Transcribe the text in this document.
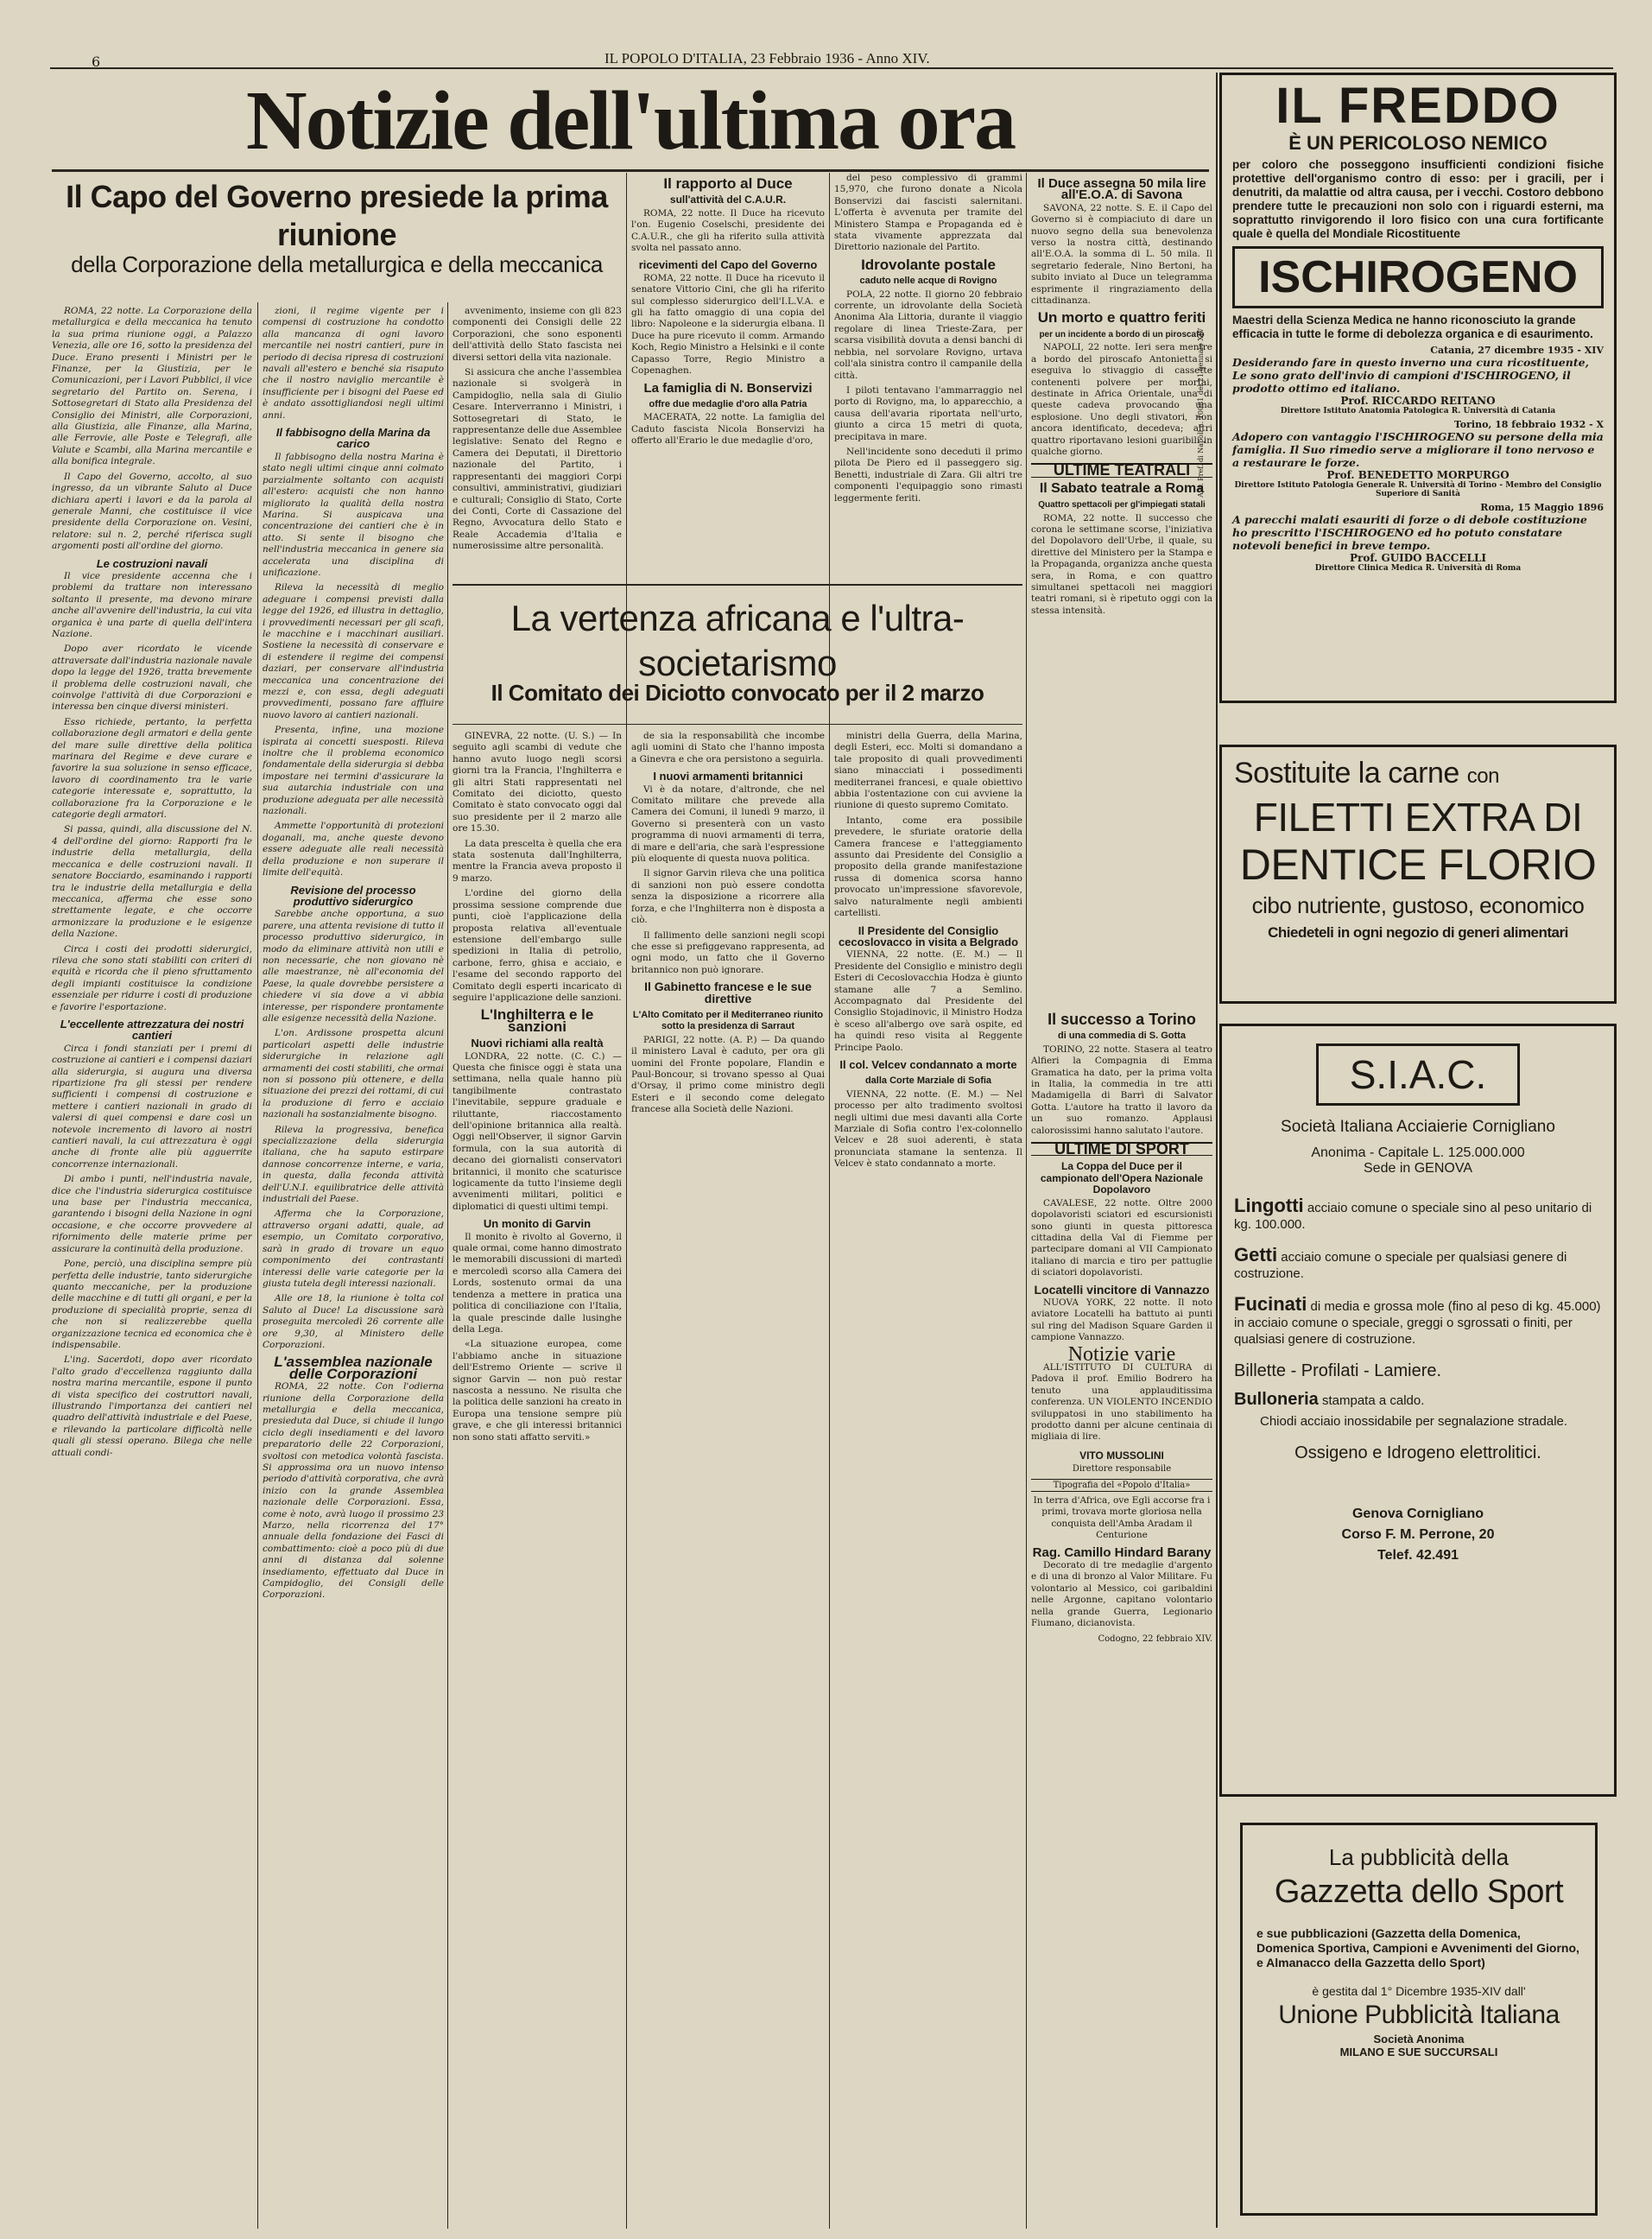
6	IL POPOLO D'ITALIA, 23 Febbraio 1936 - Anno XIV.
Notizie dell'ultima ora
Il Capo del Governo presiede la prima riunione
della Corporazione della metallurgica e della meccanica

ROMA, 22 notte. La Corporazione della metallurgica e della meccanica ha tenuto la sua prima riunione oggi, a Palazzo Venezia, alle ore 16, sotto la presidenza del Duce. Erano presenti i Ministri per le Finanze, per la Giustizia, per le Comunicazioni, per i Lavori Pubblici, il vice segretario del Partito on. Serena, i Sottosegretari di Stato alla Presidenza del Consiglio dei Ministri, alle Corporazioni, alla Giustizia, alle Finanze, alla Marina, alle Ferrovie, alle Poste e Telegrafi, alle Valute e Scambi, alla Marina mercantile e alla bonifica integrale.

Il Capo del Governo, accolto, al suo ingresso, da un vibrante Saluto al Duce dichiara aperti i lavori e da la parola al generale Manni, che costituisce il vice presidente della Corporazione on. Vesini, relatore: sul n. 2, perché riferisca sugli argomenti posti all'ordine del giorno.

Le costruzioni navali

Il vice presidente accenna che i problemi da trattare non interessano soltanto il presente, ma devono mirare anche all'avvenire dell'industria, la cui vita organica è una parte di quella dell'intera Nazione.

Dopo aver ricordato le vicende attraversate dall'industria nazionale navale dopo la legge del 1926, tratta brevemente il problema delle costruzioni navali, che coinvolge l'attività di due Corporazioni e interessa ben cinque diversi ministeri.

Esso richiede, pertanto, la perfetta collaborazione degli armatori e della gente del mare sulle direttive della politica marinara del Regime e deve curare e favorire la sua soluzione in senso efficace, lavoro di coordinamento tra le varie categorie interessate e, soprattutto, la collaborazione fra la Corporazione e le categorie degli armatori.

Si passa, quindi, alla discussione del N. 4 dell'ordine del giorno: Rapporti fra le industrie della metallurgia, della meccanica e delle costruzioni navali. Il senatore Bocciardo, esaminando i rapporti tra le industrie della metallurgia e della meccanica, afferma che esse sono strettamente legate, e che occorre armonizzare la produzione e le esigenze della Nazione.

Circa i costi dei prodotti siderurgici, rileva che sono stati stabiliti con criteri di equità e ricorda che il pieno sfruttamento degli impianti costituisce la condizione essenziale per ridurre i costi di produzione e favorire l'esportazione.

L'eccellente attrezzatura dei nostri cantieri

Circa i fondi stanziati per i premi di costruzione ai cantieri e i compensi daziari alla siderurgia, si augura una diversa ripartizione fra gli stessi per rendere sufficienti i compensi di costruzione e mettere i cantieri nazionali in grado di valersi di quei compensi e dare così un notevole incremento di lavoro ai nostri cantieri navali, la cui attrezzatura è oggi anche di fronte alle più agguerrite concorrenze internazionali.

Di ambo i punti, nell'industria navale, dice che l'industria siderurgica costituisce una base per l'industria meccanica, garantendo i bisogni della Nazione in ogni occasione, e che occorre provvedere al rifornimento delle materie prime per assicurare la continuità della produzione.

Pone, perciò, una disciplina sempre più perfetta delle industrie, tanto siderurgiche quanto meccaniche, per la produzione delle macchine e di tutti gli organi, e per la produzione di specialità proprie, senza di che non si realizzerebbe quella organizzazione tecnica ed economica che è indispensabile.

L'ing. Sacerdoti, dopo aver ricordato l'alto grado d'eccellenza raggiunto dalla nostra marina mercantile, espone il punto di vista specifico dei costruttori navali, illustrando l'importanza dei cantieri nel quadro dell'attività industriale e del Paese, e rilevando la particolare difficoltà nelle quali gli stessi operano. Bilega che nelle attuali condi-

zioni, il regime vigente per i compensi di costruzione ha condotto alla mancanza di ogni lavoro mercantile nei nostri cantieri, pure in periodo di decisa ripresa di costruzioni navali all'estero e benché sia risaputo che il nostro naviglio mercantile è insufficiente per i bisogni del Paese ed è andato assottigliandosi negli ultimi anni.

Il fabbisogno della Marina da carico

Il fabbisogno della nostra Marina è stato negli ultimi cinque anni colmato parzialmente soltanto con acquisti all'estero: acquisti che non hanno migliorato la qualità della nostra Marina. Si auspicava una concentrazione dei cantieri che è in atto. Si sente il bisogno che nell'industria meccanica in genere sia accelerata una disciplina di unificazione.

Rileva la necessità di meglio adeguare i compensi previsti dalla legge del 1926, ed illustra in dettaglio, i provvedimenti necessari per gli scafi, le macchine e i macchinari ausiliari. Sostiene la necessità di conservare e di estendere il regime dei compensi daziari, per conservare all'industria meccanica una concentrazione dei mezzi e, con essa, degli adeguati provvedimenti, possano fare affluire nuovo lavoro ai cantieri nazionali.

Presenta, infine, una mozione ispirata ai concetti suesposti. Rileva inoltre che il problema economico fondamentale della siderurgia si debba impostare nei termini d'assicurare la sua autarchia industriale con una produzione adeguata per alle necessità nazionali.

Ammette l'opportunità di protezioni doganali, ma, anche queste devono essere adeguate alle reali necessità della produzione e non superare il limite dell'equità.

Revisione del processo produttivo siderurgico

Sarebbe anche opportuna, a suo parere, una attenta revisione di tutto il processo produttivo siderurgico, in modo da eliminare attività non utili e non necessarie, che non giovano nè alle maestranze, nè all'economia del Paese, la quale dovrebbe persistere a chiedere vi sia dove a vi abbia interesse, per rispondere prontamente alle esigenze necessità della Nazione.

L'on. Ardissone prospetta alcuni particolari aspetti delle industrie siderurgiche in relazione agli armamenti dei costi stabiliti, che ormai non si possono più ottenere, e della situazione dei prezzi dei rottami, di cui la produzione di ferro e acciaio nazionali ha sostanzialmente bisogno.

Rileva la progressiva, benefica specializzazione della siderurgia italiana, che ha saputo estirpare dannose concorrenze interne, e varia, in questa, dalla feconda attività dell'U.N.I. equilibratrice delle attività industriali del Paese.

Afferma che la Corporazione, attraverso organi adatti, quale, ad esempio, un Comitato corporativo, sarà in grado di trovare un equo componimento dei contrastanti interessi delle varie categorie per la giusta tutela degli interessi nazionali.

Alle ore 18, la riunione è tolta col Saluto al Duce! La discussione sarà proseguita mercoledì 26 corrente alle ore 9,30, al Ministero delle Corporazioni.

L'assemblea nazionale delle Corporazioni

ROMA, 22 notte. Con l'odierna riunione della Corporazione della metallurgia e della meccanica, presieduta dal Duce, si chiude il lungo ciclo degli insediamenti e del lavoro preparatorio delle 22 Corporazioni, svoltosi con metodica volontà fascista. Si approssima ora un nuovo intenso periodo d'attività corporativa, che avrà inizio con la grande Assemblea nazionale delle Corporazioni. Essa, come è noto, avrà luogo il prossimo 23 Marzo, nella ricorrenza del 17° annuale della fondazione dei Fasci di combattimento: cioè a poco più di due anni di distanza dal solenne insediamento, effettuato dal Duce in Campidoglio, dei Consigli delle Corporazioni.

avvenimento, insieme con gli 823 componenti dei Consigli delle 22 Corporazioni, che sono esponenti dell'attività dello Stato fascista nei diversi settori della vita nazionale.

Si assicura che anche l'assemblea nazionale si svolgerà in Campidoglio, nella sala di Giulio Cesare. Interverranno i Ministri, i Sottosegretari di Stato, le rappresentanze delle due Assemblee legislative: Senato del Regno e Camera dei Deputati, il Direttorio nazionale del Partito, i rappresentanti dei maggiori Corpi consultivi, amministrativi, giudiziari e culturali; Consiglio di Stato, Corte dei Conti, Corte di Cassazione del Regno, Avvocatura dello Stato e Reale Accademia d'Italia e numerosissime altre personalità.

Il rapporto al Duce
sull'attività del C.A.U.R.

ROMA, 22 notte. Il Duce ha ricevuto l'on. Eugenio Coselschi, presidente dei C.A.U.R., che gli ha riferito sulla attività svolta nel passato anno.

ricevimenti del Capo del Governo

ROMA, 22 notte. Il Duce ha ricevuto il senatore Vittorio Cini, che gli ha riferito sul complesso siderurgico dell'I.L.V.A. e gli ha fatto omaggio di una copia del libro: Napoleone e la siderurgia elbana. Il Duce ha pure ricevuto il comm. Armando Koch, Regio Ministro a Helsinki e il conte Capasso Torre, Regio Ministro a Copenaghen.

La famiglia di N. Bonservizi
offre due medaglie d'oro alla Patria

MACERATA, 22 notte. La famiglia del Caduto fascista Nicola Bonservizi ha offerto all'Erario le due medaglie d'oro,

del peso complessivo di grammi 15,970, che furono donate a Nicola Bonservizi dai fascisti salernitani. L'offerta è avvenuta per tramite del Ministero Stampa e Propaganda ed è stata vivamente apprezzata dal Direttorio nazionale del Partito.

Idrovolante postale
caduto nelle acque di Rovigno

POLA, 22 notte. Il giorno 20 febbraio corrente, un idrovolante della Società Anonima Ala Littoria, durante il viaggio regolare di linea Trieste-Zara, per scarsa visibilità dovuta a densi banchi di nebbia, nel sorvolare Rovigno, urtava coll'ala sinistra contro il campanile della città.

I piloti tentavano l'ammarraggio nel porto di Rovigno, ma, lo apparecchio, a causa dell'avaria riportata nell'urto, giunto a circa 15 metri di quota, precipitava in mare.

Nell'incidente sono deceduti il primo pilota De Piero ed il passeggero sig. Benetti, industriale di Zara. Gli altri tre componenti l'equipaggio sono rimasti leggermente feriti.

La vertenza africana e l'ultra-societarismo
Il Comitato dei Diciotto convocato per il 2 marzo

GINEVRA, 22 notte. (U. S.) — In seguito agli scambi di vedute che hanno avuto luogo negli scorsi giorni tra la Francia, l'Inghilterra e gli altri Stati rappresentati nel Comitato dei diciotto, questo Comitato è stato convocato oggi dal suo presidente per il 2 marzo alle ore 15.30.

La data prescelta è quella che era stata sostenuta dall'Inghilterra, mentre la Francia aveva proposto il 9 marzo.

L'ordine del giorno della prossima sessione comprende due punti, cioè l'applicazione della proposta relativa all'eventuale estensione dell'embargo sulle spedizioni in Italia di petrolio, carbone, ferro, ghisa e acciaio, e l'esame del secondo rapporto del Comitato degli esperti incaricato di seguire l'applicazione delle sanzioni.

L'Inghilterra e le sanzioni
Nuovi richiami alla realtà

LONDRA, 22 notte. (C. C.) — Questa che finisce oggi è stata una settimana, nella quale hanno più tangibilmente contrastato l'inevitabile, seppure graduale e riluttante, riaccostamento dell'opinione britannica alla realtà. Oggi nell'Observer, il signor Garvin formula, con la sua autorità di decano dei giornalisti conservatori britannici, il monito che scaturisce logicamente da tutto l'insieme degli avvenimenti militari, politici e diplomatici di questi ultimi tempi.

Un monito di Garvin

Il monito è rivolto al Governo, il quale ormai, come hanno dimostrato le memorabili discussioni di martedì e mercoledì scorso alla Camera dei Lords, sostenuto ormai da una tendenza a mettere in pratica una politica di conciliazione con l'Italia, la quale prescinde dalle lusinghe della Lega.

«La situazione europea, come l'abbiamo anche in situazione dell'Estremo Oriente — scrive il signor Garvin — non può restar nascosta a nessuno. Ne risulta che la politica delle sanzioni ha creato in Europa una tensione sempre più grave, e che gli interessi britannici non sono stati affatto serviti.»

de sia la responsabilità che incombe agli uomini di Stato che l'hanno imposta a Ginevra e che ora persistono a seguirla.

I nuovi armamenti britannici

Vi è da notare, d'altronde, che nel Comitato militare che prevede alla Camera dei Comuni, il lunedì 9 marzo, il Governo si presenterà con un vasto programma di nuovi armamenti di terra, di mare e dell'aria, che sarà l'espressione più eloquente di questa nuova politica.

Il signor Garvin rileva che una politica di sanzioni non può essere condotta senza la disposizione a ricorrere alla forza, e che l'Inghilterra non è disposta a ciò.

Il fallimento delle sanzioni negli scopi che esse si prefiggevano rappresenta, ad ogni modo, un fatto che il Governo britannico non può ignorare.

Il Gabinetto francese e le sue direttive
L'Alto Comitato per il Mediterraneo riunito sotto la presidenza di Sarraut

PARIGI, 22 notte. (A. P.) — Da quando il ministero Laval è caduto, per ora gli uomini del Fronte popolare, Flandin e Paul-Boncour, si trovano spesso al Quai d'Orsay, il primo come ministro degli Esteri e il secondo come delegato francese alla Società delle Nazioni.

ministri della Guerra, della Marina, degli Esteri, ecc. Molti si domandano a tale proposito di quali provvedimenti siano minacciati i possedimenti mediterranei francesi, e quale obiettivo abbia l'ostentazione con cui avviene la riunione di questo supremo Comitato.

Intanto, come era possibile prevedere, le sfuriate oratorie della Camera francese e l'atteggiamento assunto dai Presidente del Consiglio a proposito della grande manifestazione russa di domenica scorsa hanno provocato un'impressione sfavorevole, salvo naturalmente negli ambienti cartellisti.

Il Presidente del Consiglio cecoslovacco in visita a Belgrado

VIENNA, 22 notte. (E. M.) — Il Presidente del Consiglio e ministro degli Esteri di Cecoslovacchia Hodza è giunto stamane alle 7 a Semlino. Accompagnato dal Presidente del Consiglio Stojadinovic, il Ministro Hodza è sceso all'albergo ove sarà ospite, ed ha quindi reso visita al Reggente Principe Paolo.

Il col. Velcev condannato a morte
dalla Corte Marziale di Sofia

VIENNA, 22 notte. (E. M.) — Nel processo per alto tradimento svoltosi negli ultimi due mesi davanti alla Corte Marziale di Sofia contro l'ex-colonnello Velcev e 28 suoi aderenti, è stata pronunciata stamane la sentenza. Il Velcev è stato condannato a morte.

Il Duce assegna 50 mila lire all'E.O.A. di Savona

SAVONA, 22 notte. S. E. il Capo del Governo si è compiaciuto di dare un nuovo segno della sua benevolenza verso la nostra città, destinando all'E.O.A. la somma di L. 50 mila. Il segretario federale, Nino Bertoni, ha subito inviato al Duce un telegramma esprimente il ringraziamento della cittadinanza.

Un morto e quattro feriti
per un incidente a bordo di un piroscafo

NAPOLI, 22 notte. Ieri sera mentre a bordo del piroscafo Antonietta si eseguiva lo stivaggio di cassette contenenti polvere per mortai, destinate in Africa Orientale, una di queste cadeva provocando una esplosione. Uno degli stivatori, non ancora identificato, decedeva; altri quattro riportavano lesioni guaribili in qualche giorno.

ULTIME TEATRALI
Il Sabato teatrale a Roma
Quattro spettacoli per gl'impiegati statali

ROMA, 22 notte. Il successo che corona le settimane scorse, l'iniziativa del Dopolavoro dell'Urbe, il quale, su direttive del Ministero per la Stampa e la Propaganda, organizza anche questa sera, in Roma, e con quattro simultanei spettacoli nei maggiori teatri romani, si è ripetuto oggi con la stessa intensità.

Il successo a Torino
di una commedia di S. Gotta

TORINO, 22 notte. Stasera al teatro Alfieri la Compagnia di Emma Gramatica ha dato, per la prima volta in Italia, la commedia in tre atti Madamigella di Barrì di Salvator Gotta. L'autore ha tratto il lavoro da un suo romanzo. Applausi calorosissimi hanno salutato l'autore.

ULTIME DI SPORT
La Coppa del Duce per il campionato dell'Opera Nazionale Dopolavoro

CAVALESE, 22 notte. Oltre 2000 dopolavoristi sciatori ed escursionisti sono giunti in questa pittoresca cittadina della Val di Fiemme per partecipare domani al VII Campionato italiano di marcia e tiro per pattuglie di sciatori dopolavoristi.

Locatelli vincitore di Vannazzo

NUOVA YORK, 22 notte. Il noto aviatore Locatelli ha battuto ai punti sul ring del Madison Square Garden il campione Vannazzo.

Notizie varie

ALL'ISTITUTO DI CULTURA di Padova il prof. Emilio Bodrero ha tenuto una applauditissima conferenza. UN VIOLENTO INCENDIO sviluppatosi in uno stabilimento ha prodotto danni per alcune centinaia di migliaia di lire.

VITO MUSSOLINI
Direttore responsabile
Tipografia del «Popolo d'Italia»

In terra d'Africa, ove Egli accorse fra i primi, trovava morte gloriosa nella conquista dell'Amba Aradam il Centurione

Rag. Camillo Hindard Barany

Decorato di tre medaglie d'argento e di una di bronzo al Valor Militare. Fu volontario al Messico, coi garibaldini nelle Argonne, capitano volontario nella grande Guerra, Legionario Fiumano, dicianovista.

Codogno, 22 febbraio XIV.
IL FREDDO
È UN PERICOLOSO NEMICO
per coloro che posseggono insufficienti condizioni fisiche protettive dell'organismo contro di esso: per i gracili, per i denutriti, da malattie od altra causa, per i vecchi. Costoro debbono prendere tutte le precauzioni non solo con i riguardi esterni, ma soprattutto rinvigorendo il loro fisico con una cura fortificante quale è quella del Mondiale Ricostituente
ISCHIROGENO
Maestri della Scienza Medica ne hanno riconosciuto la grande efficacia in tutte le forme di debolezza organica e di esaurimento.
Catania, 27 dicembre 1935 - XIV
Desiderando fare in questo inverno una cura ricostituente, Le sono grato dell'invio di campioni d'ISCHIROGENO, il prodotto ottimo ed italiano.
Prof. RICCARDO REITANO
Direttore Istituto Anatomia Patologica R. Università di Catania
Torino, 18 febbraio 1932 - X
Adopero con vantaggio l'ISCHIROGENO su persone della mia famiglia. Il Suo rimedio serve a migliorare il tono nervoso e a restaurare le forze.
Prof. BENEDETTO MORPURGO
Direttore Istituto Patologia Generale R. Università di Torino - Membro del Consiglio Superiore di Sanità
Roma, 15 Maggio 1896
A parecchi malati esauriti di forze o di debole costituzione ho prescritto l'ISCHIROGENO ed ho potuto constatare notevoli benefici in breve tempo.
Prof. GUIDO BACCELLI
Direttore Clinica Medica R. Università di Roma
Aut. Pref. di Napoli n. 10081 del 21 gennaio XIV
Sostituite la carne con
FILETTI EXTRA DI
DENTICE FLORIO
cibo nutriente, gustoso, economico
Chiedeteli in ogni negozio di generi alimentari
S.I.A.C.
Società Italiana Acciaierie Cornigliano
Anonima - Capitale L. 125.000.000
Sede in GENOVA
Lingotti acciaio comune o speciale sino al peso unitario di kg. 100.000.
Getti acciaio comune o speciale per qualsiasi genere di costruzione.
Fucinati di media e grossa mole (fino al peso di kg. 45.000) in acciaio comune o speciale, greggi o sgrossati o finiti, per qualsiasi genere di costruzione.
Billette - Profilati - Lamiere.
Bulloneria stampata a caldo.
Chiodi acciaio inossidabile per segnalazione stradale.
Ossigeno e Idrogeno elettrolitici.
Genova Cornigliano
Corso F. M. Perrone, 20
Telef. 42.491
La pubblicità della
Gazzetta dello Sport
e sue pubblicazioni (Gazzetta della Domenica, Domenica Sportiva, Campioni e Avvenimenti del Giorno, e Almanacco della Gazzetta dello Sport)
è gestita dal 1° Dicembre 1935-XIV dall'
Unione Pubblicità Italiana
Società Anonima
MILANO E SUE SUCCURSALI
